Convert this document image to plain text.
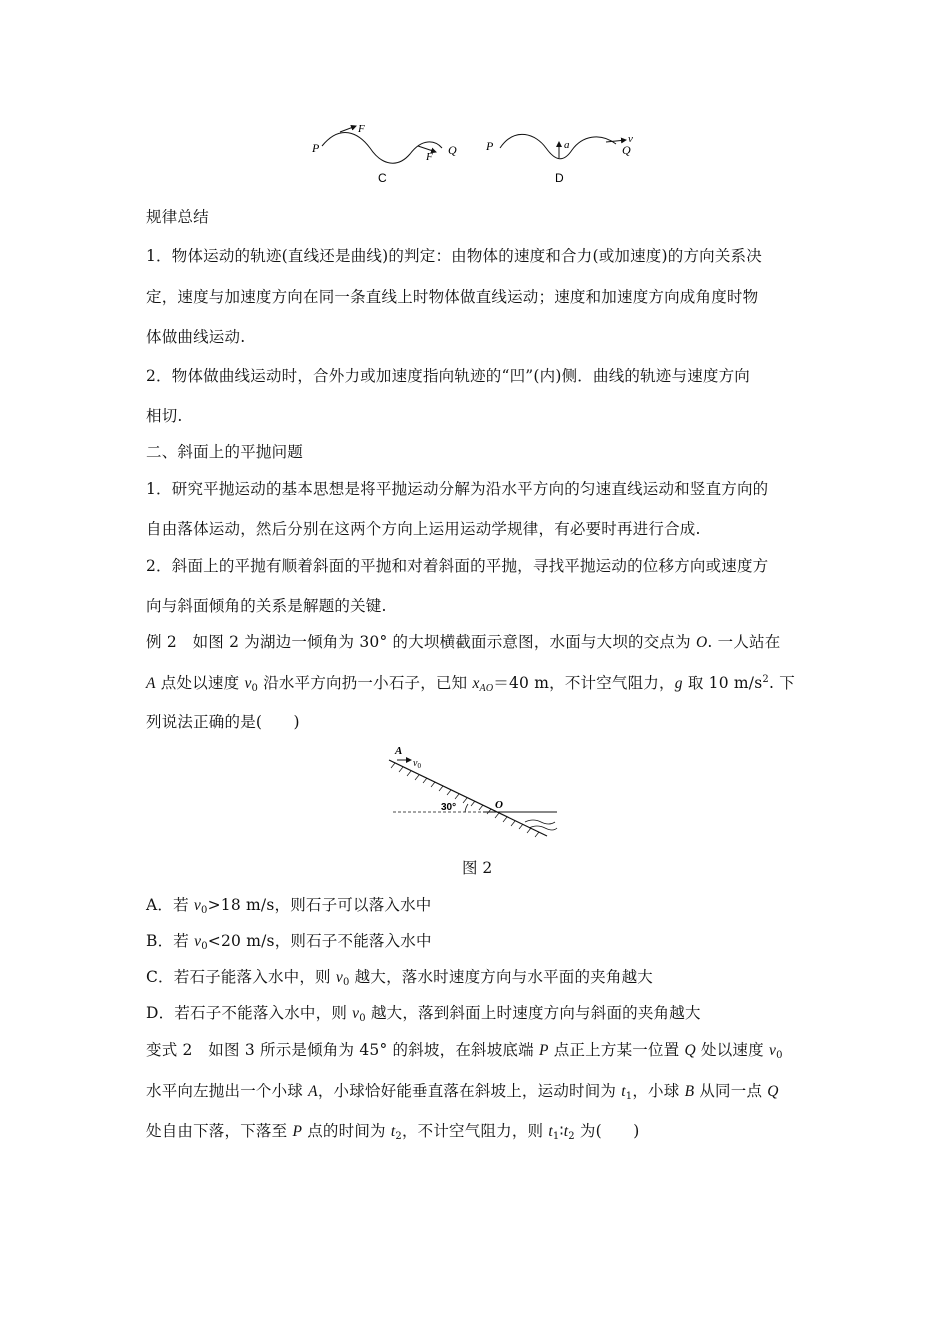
P
F
F Q
C
P	a	v
Q
D
规律总结
1．物体运动的轨迹(直线还是曲线)的判定：由物体的速度和合力(或加速度)的方向关系决
定，速度与加速度方向在同一条直线上时物体做直线运动；速度和加速度方向成角度时物
体做曲线运动.
2．物体做曲线运动时，合外力或加速度指向轨迹的“凹”(内)侧．曲线的轨迹与速度方向
相切.
二、斜面上的平抛问题
1．研究平抛运动的基本思想是将平抛运动分解为沿水平方向的匀速直线运动和竖直方向的
自由落体运动，然后分别在这两个方向上运用运动学规律，有必要时再进行合成.
2．斜面上的平抛有顺着斜面的平抛和对着斜面的平抛，寻找平抛运动的位移方向或速度方
向与斜面倾角的关系是解题的关键.
例 2　如图 2 为湖边一倾角为 30° 的大坝横截面示意图，水面与大坝的交点为 O. 一人站在
A 点处以速度 v0 沿水平方向扔一小石子，已知 xAO＝40 m，不计空气阻力，g 取 10 $m/s^2$. 下
列说法正确的是(　　)
A
$v_0$
30°	O
图 2
A．若 v0>18 m/s，则石子可以落入水中
B．若 v0<20 m/s，则石子不能落入水中
C．若石子能落入水中，则 v0 越大，落水时速度方向与水平面的夹角越大
D．若石子不能落入水中，则 v0 越大，落到斜面上时速度方向与斜面的夹角越大
变式 2　如图 3 所示是倾角为 45° 的斜坡，在斜坡底端 P 点正上方某一位置 Q 处以速度 v0
水平向左抛出一个小球 A，小球恰好能垂直落在斜坡上，运动时间为 t1，小球 B 从同一点 Q
处自由下落，下落至 P 点的时间为 t2，不计空气阻力，则 t1∶t2 为(　　)
